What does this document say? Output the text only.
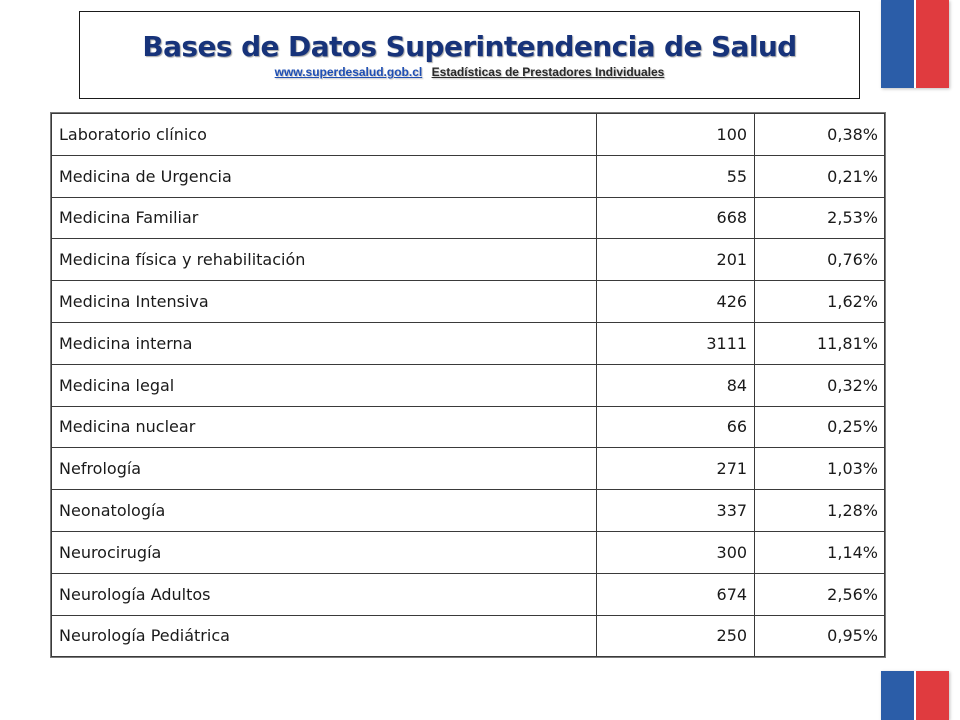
Bases de Datos Superintendencia de Salud
www.superdesalud.gob.cl Estadísticas de Prestadores Individuales
Laboratorio clínico	100	0,38%
Medicina de Urgencia	55	0,21%
Medicina Familiar	668	2,53%
Medicina física y rehabilitación	201	0,76%
Medicina Intensiva	426	1,62%
Medicina interna	3111	11,81%
Medicina legal	84	0,32%
Medicina nuclear	66	0,25%
Nefrología	271	1,03%
Neonatología	337	1,28%
Neurocirugía	300	1,14%
Neurología Adultos	674	2,56%
Neurología Pediátrica	250	0,95%
